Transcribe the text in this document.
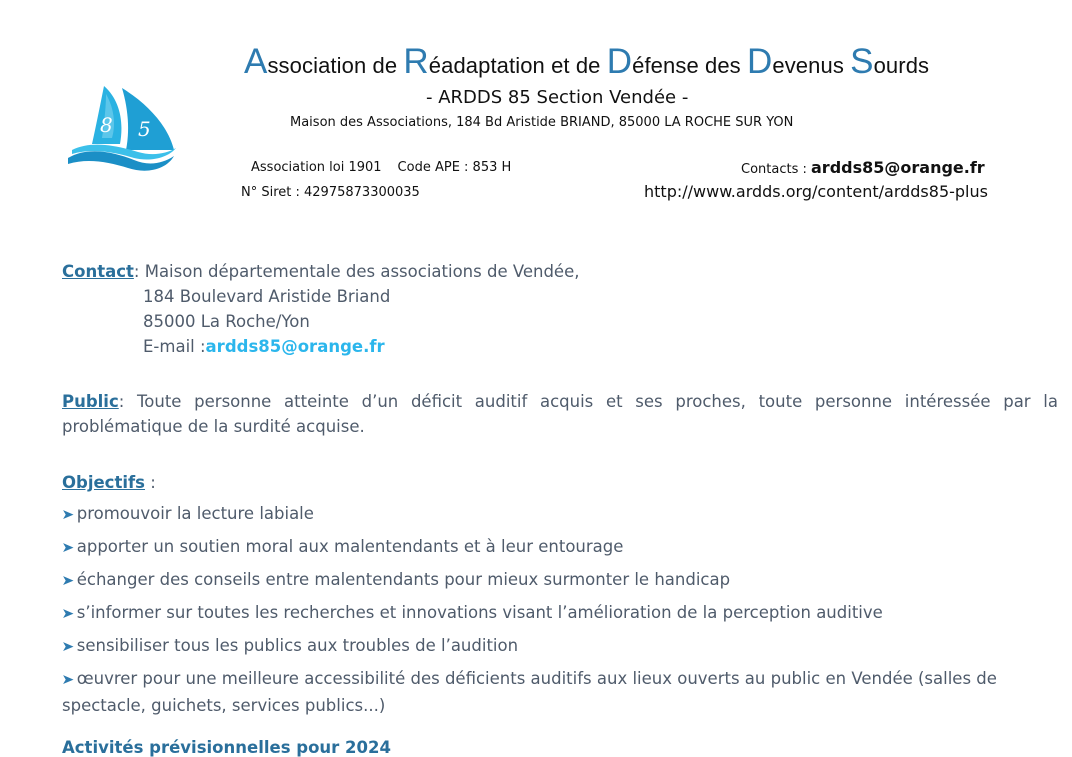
8 5
Association de Réadaptation et de Défense des Devenus Sourds
- ARDDS 85 Section Vendée -
Maison des Associations, 184 Bd Aristide BRIAND, 85000 LA ROCHE SUR YON
Association loi 1901 Code APE : 853 H
N° Siret : 42975873300035
Contacts : ardds85@orange.fr
http://www.ardds.org/content/ardds85-plus
Contact: Maison départementale des associations de Vendée,
184 Boulevard Aristide Briand
85000 La Roche/Yon
E-mail :ardds85@orange.fr
Public: Toute personne atteinte d’un déficit auditif acquis et ses proches, toute personne intéressée par la problématique de la surdité acquise.
Objectifs :
➤ promouvoir la lecture labiale
➤ apporter un soutien moral aux malentendants et à leur entourage
➤ échanger des conseils entre malentendants pour mieux surmonter le handicap
➤ s’informer sur toutes les recherches et innovations visant l’amélioration de la perception auditive
➤ sensibiliser tous les publics aux troubles de l’audition
➤ œuvrer pour une meilleure accessibilité des déficients auditifs aux lieux ouverts au public en Vendée (salles de spectacle, guichets, services publics...)
Activités prévisionnelles pour 2024
